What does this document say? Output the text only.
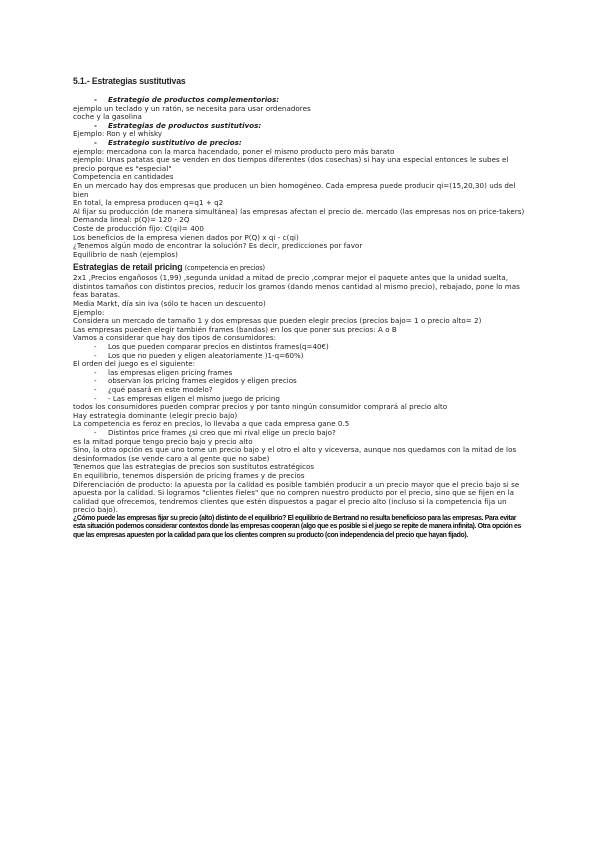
5.1.- Estrategias sustitutivas

- Estrategio de productos complementorios:

ejemplo un teclado y un ratón, se necesita para usar ordenadores

coche y la gasolina

- Estrategias de productos sustitutivos:

Ejemplo: Ron y el whisky

- Estrategio sustitutivo de precios:

ejemplo: mercadona con la marca hacendado, poner el mismo producto pero más barato

ejemplo: Unas patatas que se venden en dos tiempos diferentes (dos cosechas) si hay una especial entonces le subes el precio porque es "especial"

Competencia en cantidades

En un mercado hay dos empresas que producen un bien homogéneo. Cada empresa puede producir qi=(15,20,30) uds del bien

En total, la empresa producen q=q1 + q2

Al fijar su producción (de manera simultánea) las empresas afectan el precio de. mercado (las empresas nos on price-takers)

Demanda lineal: p(Q)= 120 - 2Q

Coste de producción fijo: C(qi)= 400

Los beneficios de la empresa vienen dados por P(Q) x qi - c(qi)

¿Tenemos algún modo de encontrar la solución? Es decir, predicciones por favor

Equilibrio de nash (ejemplos)

Estrategias de retail pricing (competencia en precios)

2x1 ,Precios engañosos (1,99) ,segunda unidad a mitad de precio ,comprar mejor el paquete antes que la unidad suelta, distintos tamaños con distintos precios, reducir los gramos (dando menos cantidad al mismo precio), rebajado, pone lo mas feas baratas.

Media Markt, día sin iva (sólo te hacen un descuento)

Ejemplo:

Considera un mercado de tamaño 1 y dos empresas que pueden elegir precios (precios bajo= 1 o precio alto= 2)

Las empresas pueden elegir también frames (bandas) en los que poner sus precios: A o B

Vamos a considerar que hay dos tipos de consumidores:

- Los que pueden comparar precios en distintos frames(q=40€)

- Los que no pueden y eligen aleatoriamente )1-q=60%)

El orden del juego es el siguiente:

- las empresas eligen pricing frames

- observan los pricing frames elegidos y eligen precios

- ¿qué pasará en este modelo?

- - Las empresas eligen el mismo juego de pricing

todos los consumidores pueden comprar precios y por tanto ningún consumidor comprará al precio alto

Hay estrategia dominante (elegir precio bajo)

La competencia es feroz en precios, lo llevaba a que cada empresa gane 0.5

- Distintos price frames ¿si creo que mi rival elige un precio bajo?

es la mitad porque tengo precio bajo y precio alto

Sino, la otra opción es que uno tome un precio bajo y el otro el alto y viceversa, aunque nos quedamos con la mitad de los desinformados (se vende caro a al gente que no sabe)

Tenemos que las estrategias de precios son sustitutos estratégicos

En equilibrio, tenemos dispersión de pricing frames y de precios

Diferenciación de producto: la apuesta por la calidad es posible también producir a un precio mayor que el precio bajo si se apuesta por la calidad. Si logramos "clientes fieles" que no compren nuestro producto por el precio, sino que se fijen en la calidad que ofrecemos, tendremos clientes que estén dispuestos a pagar el precio alto (incluso si la competencia fija un precio bajo).

¿Cómo puede las empresas fijar su precio (alto) distinto de el equilibrio? El equilibrio de Bertrand no resulta beneficioso para las empresas. Para evitar esta situación podemos considerar contextos donde las empresas cooperan (algo que es posible si el juego se repite de manera infinita). Otra opción es que las empresas apuesten por la calidad para que los clientes compren su producto (con independencia del precio que hayan fijado).
